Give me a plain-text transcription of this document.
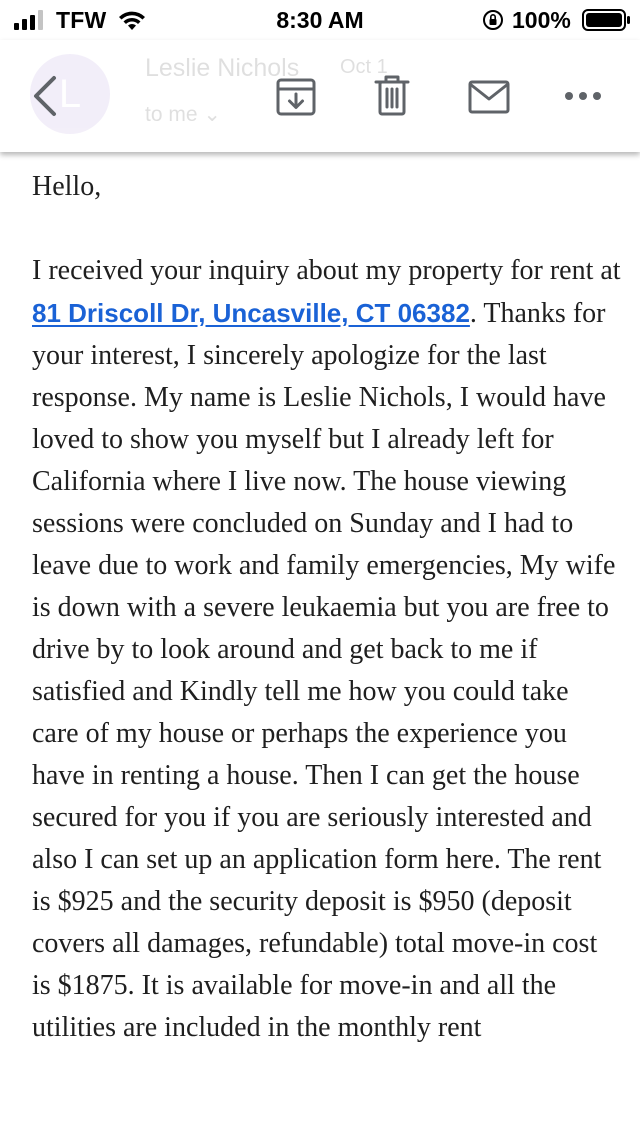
TFW	8:30 AM	100%
L
Leslie Nichols Oct 1
to me ⌄

Hello,

I received your inquiry about my property for rent at 81 Driscoll Dr, Uncasville, CT 06382. Thanks for your interest, I sincerely apologize for the last response. My name is Leslie Nichols, I would have loved to show you myself but I already left for California where I live now. The house viewing sessions were concluded on Sunday and I had to leave due to work and family emergencies, My wife is down with a severe leukaemia but you are free to drive by to look around and get back to me if satisfied and Kindly tell me how you could take care of my house or perhaps the experience you have in renting a house. Then I can get the house secured for you if you are seriously interested and also I can set up an application form here. The rent is $925 and the security deposit is $950 (deposit covers all damages, refundable) total move-in cost is $1875. It is available for move-in and all the utilities are included in the monthly rent
